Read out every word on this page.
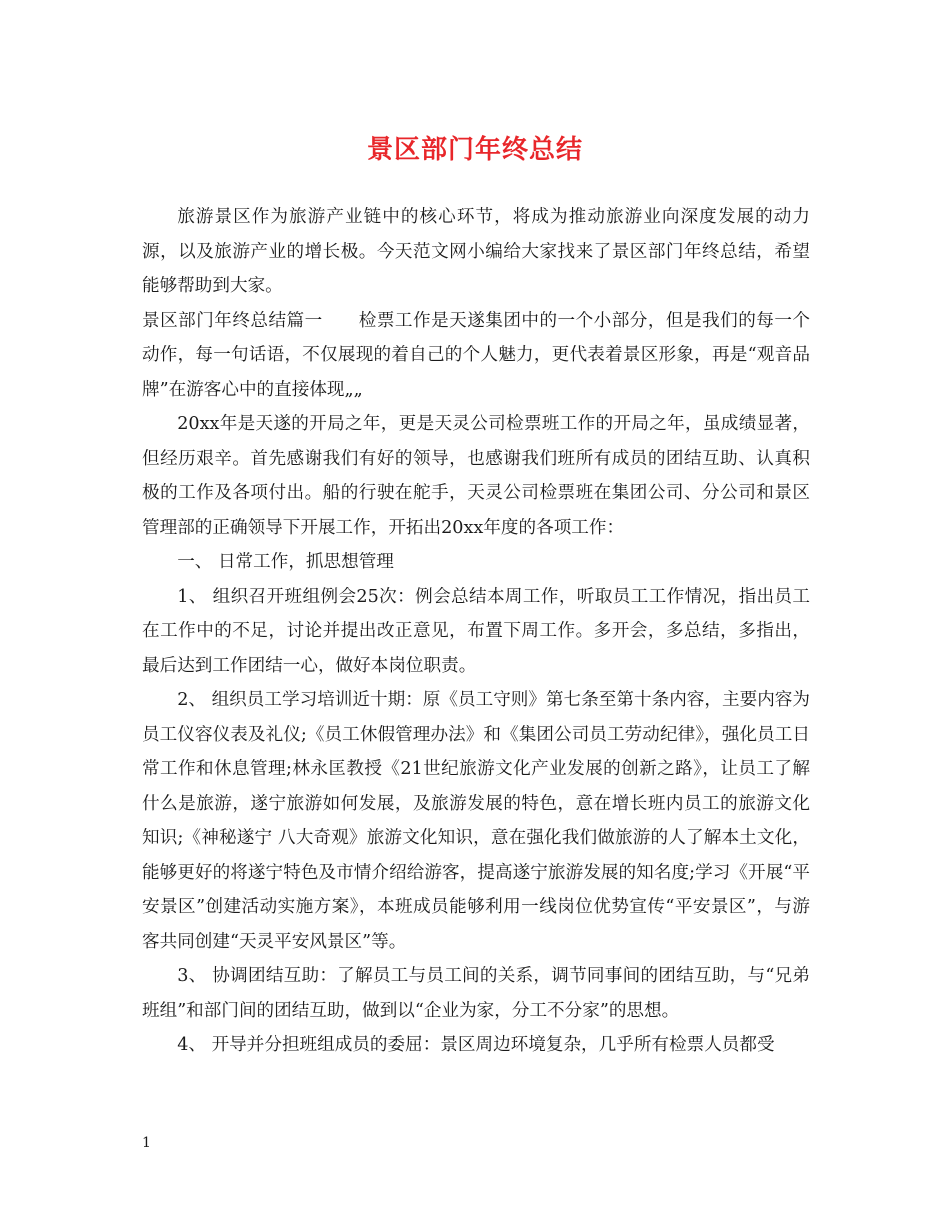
景区部门年终总结

旅游景区作为旅游产业链中的核心环节，将成为推动旅游业向深度发展的动力源，以及旅游产业的增长极。今天范文网小编给大家找来了景区部门年终总结，希望能够帮助到大家。

景区部门年终总结篇一　　检票工作是天遂集团中的一个小部分，但是我们的每一个动作，每一句话语，不仅展现的着自己的个人魅力，更代表着景区形象，再是“观音品牌”在游客心中的直接体现„„

20xx年是天遂的开局之年，更是天灵公司检票班工作的开局之年，虽成绩显著，但经历艰辛。首先感谢我们有好的领导，也感谢我们班所有成员的团结互助、认真积极的工作及各项付出。船的行驶在舵手，天灵公司检票班在集团公司、分公司和景区管理部的正确领导下开展工作，开拓出20xx年度的各项工作：

一、 日常工作，抓思想管理

1、 组织召开班组例会25次：例会总结本周工作，听取员工工作情况，指出员工在工作中的不足，讨论并提出改正意见，布置下周工作。多开会，多总结，多指出，最后达到工作团结一心，做好本岗位职责。

2、 组织员工学习培训近十期：原《员工守则》第七条至第十条内容，主要内容为员工仪容仪表及礼仪;《员工休假管理办法》和《集团公司员工劳动纪律》，强化员工日常工作和休息管理;林永匡教授《21世纪旅游文化产业发展的创新之路》，让员工了解什么是旅游，遂宁旅游如何发展，及旅游发展的特色，意在增长班内员工的旅游文化知识;《神秘遂宁 八大奇观》旅游文化知识，意在强化我们做旅游的人了解本土文化，能够更好的将遂宁特色及市情介绍给游客，提高遂宁旅游发展的知名度;学习《开展“平安景区”创建活动实施方案》，本班成员能够利用一线岗位优势宣传“平安景区”，与游客共同创建“天灵平安风景区”等。

3、 协调团结互助：了解员工与员工间的关系，调节同事间的团结互助，与“兄弟班组”和部门间的团结互助，做到以“企业为家，分工不分家”的思想。

4、 开导并分担班组成员的委屈：景区周边环境复杂，几乎所有检票人员都受

1
